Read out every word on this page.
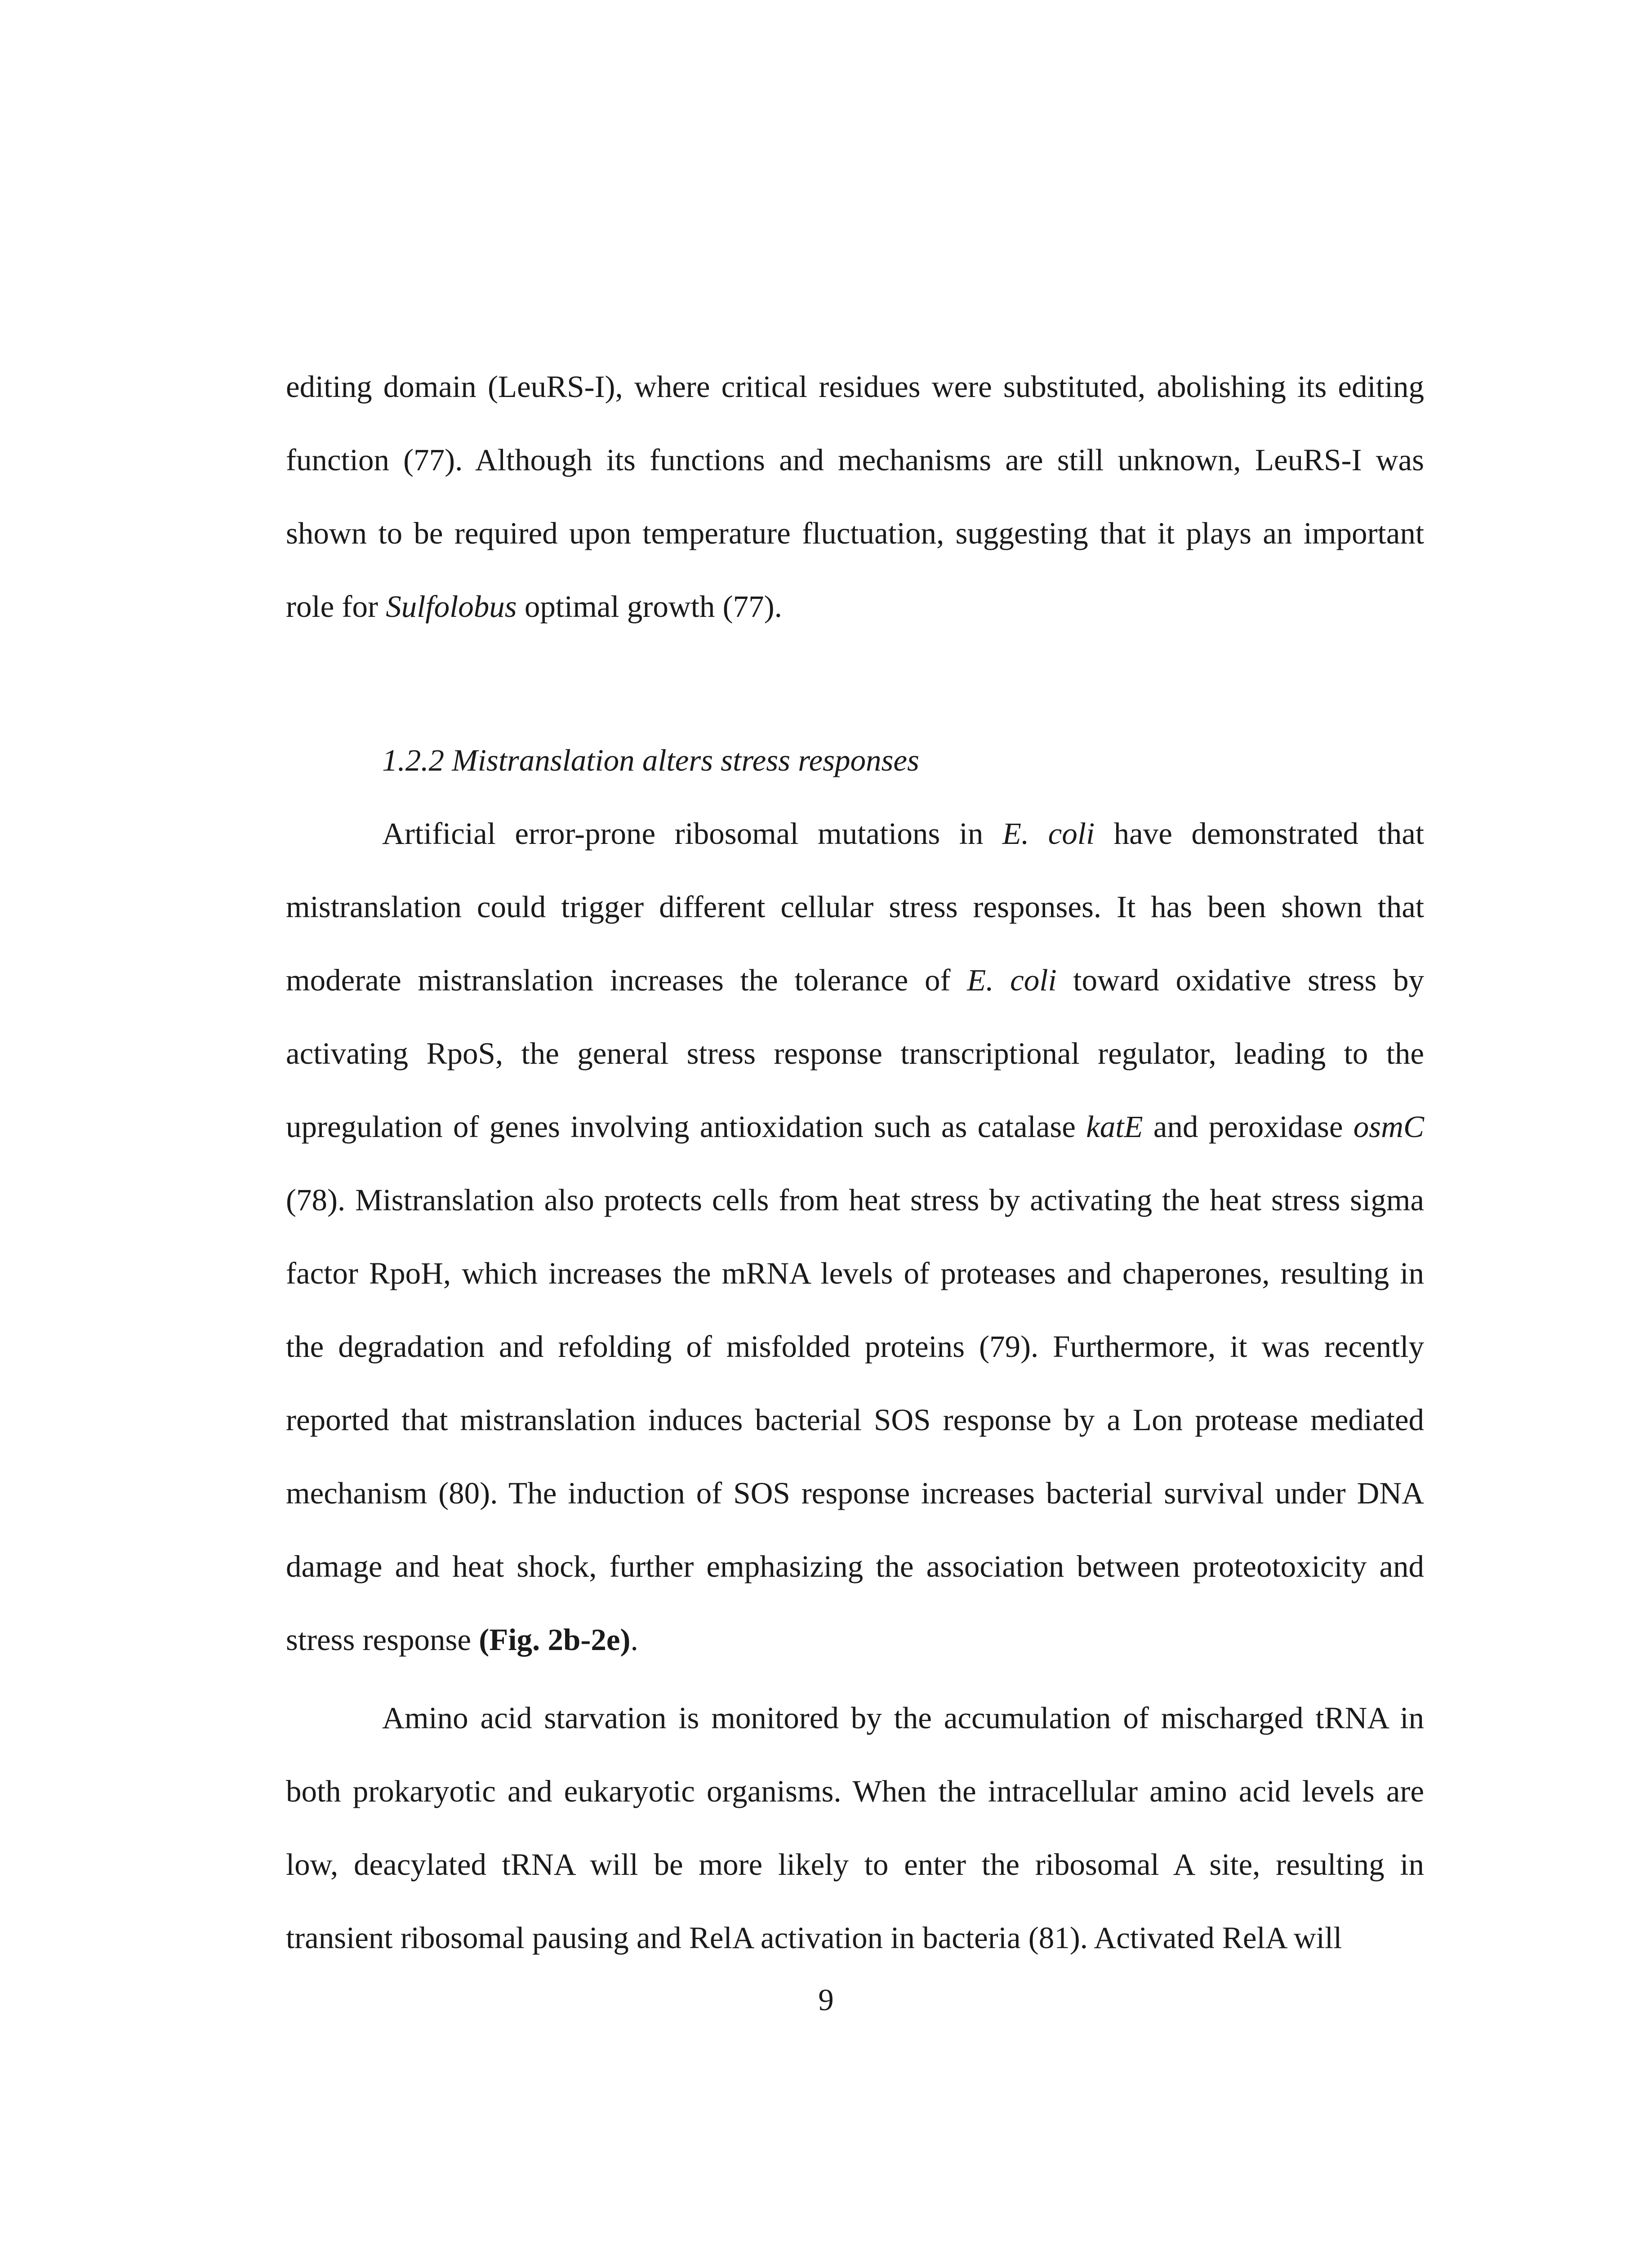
editing domain (LeuRS-I), where critical residues were substituted, abolishing its editing function (77). Although its functions and mechanisms are still unknown, LeuRS-I was shown to be required upon temperature fluctuation, suggesting that it plays an important role for Sulfolobus optimal growth (77).

1.2.2 Mistranslation alters stress responses

Artificial error-prone ribosomal mutations in E. coli have demonstrated that mistranslation could trigger different cellular stress responses. It has been shown that moderate mistranslation increases the tolerance of E. coli toward oxidative stress by activating RpoS, the general stress response transcriptional regulator, leading to the upregulation of genes involving antioxidation such as catalase katE and peroxidase osmC (78). Mistranslation also protects cells from heat stress by activating the heat stress sigma factor RpoH, which increases the mRNA levels of proteases and chaperones, resulting in the degradation and refolding of misfolded proteins (79). Furthermore, it was recently reported that mistranslation induces bacterial SOS response by a Lon protease mediated mechanism (80). The induction of SOS response increases bacterial survival under DNA damage and heat shock, further emphasizing the association between proteotoxicity and stress response (Fig. 2b-2e).

Amino acid starvation is monitored by the accumulation of mischarged tRNA in both prokaryotic and eukaryotic organisms. When the intracellular amino acid levels are low, deacylated tRNA will be more likely to enter the ribosomal A site, resulting in transient ribosomal pausing and RelA activation in bacteria (81). Activated RelA will

9
